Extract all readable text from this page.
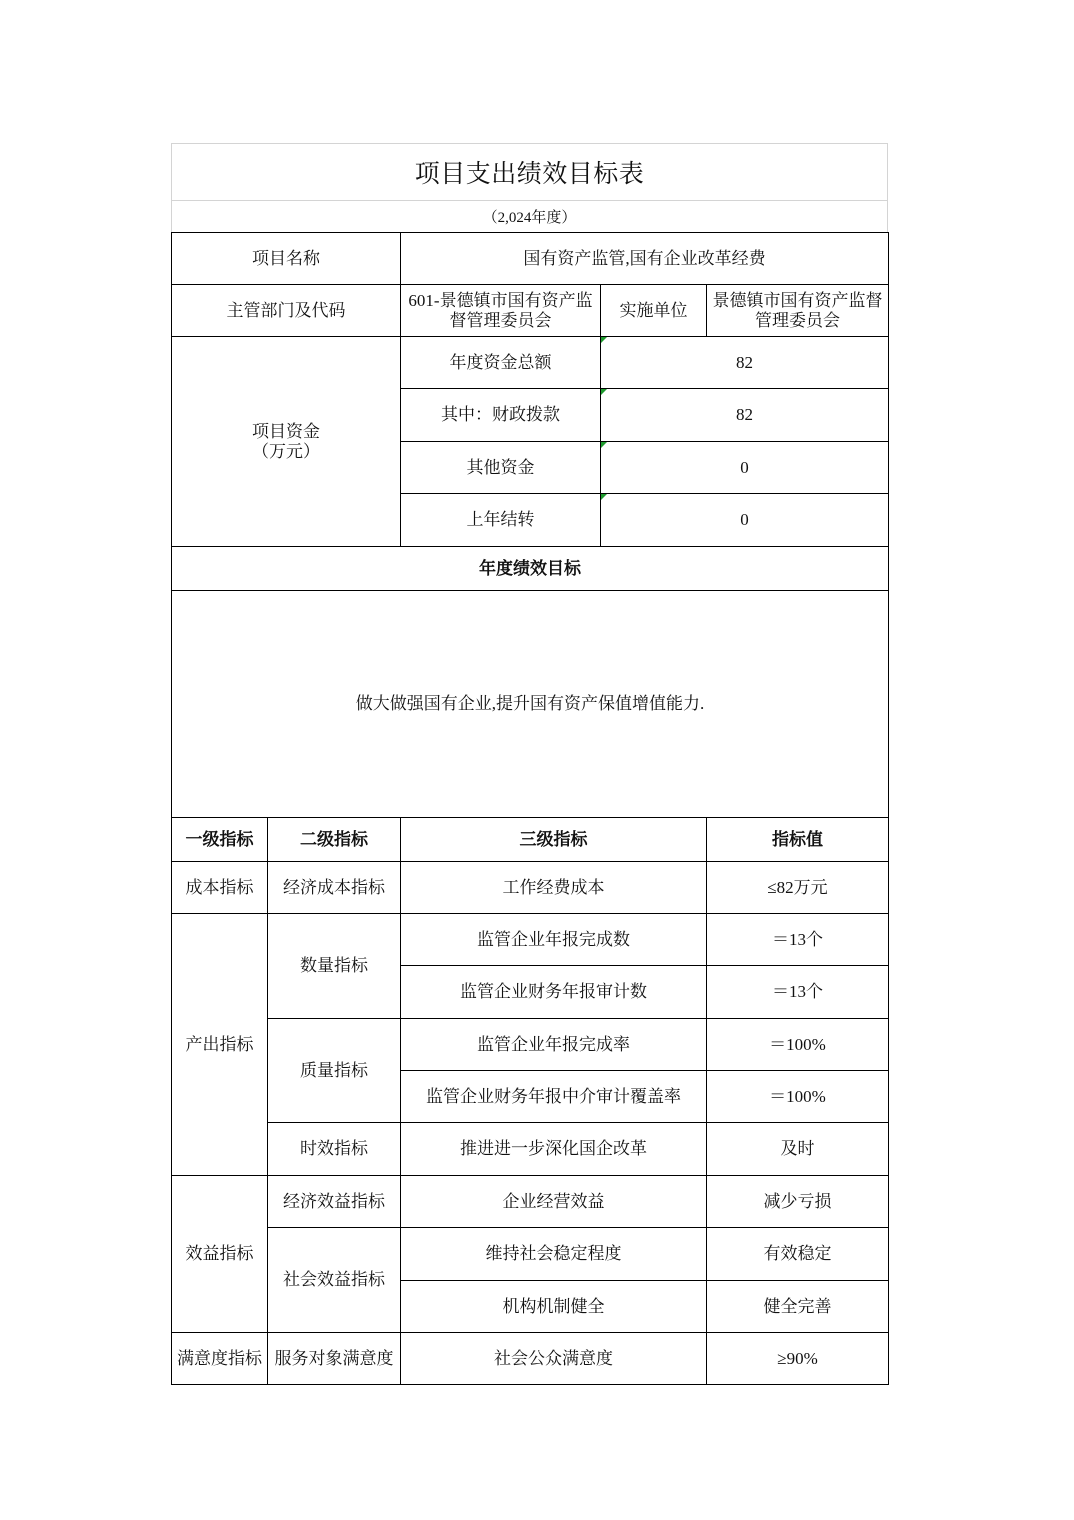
项目支出绩效目标表
（2,024年度）
项目名称		国有资产监管,国有企业改革经费		
主管部门及代码		601-景德镇市国有资产监督管理委员会	实施单位	景德镇市国有资产监督管理委员会

项目资金
（万元）		年度资金总额	82	
		其中：财政拨款	82	
		其他资金	0	
		上年结转	0	
年度绩效目标				
做大做强国有企业,提升国有资产保值增值能力.				
一级指标	二级指标	三级指标		指标值
成本指标	经济成本指标	工作经费成本		≤82万元
产出指标	数量指标	监管企业年报完成数		＝13个
		监管企业财务年报审计数		＝13个
	质量指标	监管企业年报完成率		＝100%
		监管企业财务年报中介审计覆盖率		＝100%
	时效指标	推进进一步深化国企改革		及时
效益指标	经济效益指标	企业经营效益		减少亏损
	社会效益指标	维持社会稳定程度		有效稳定
		机构机制健全		健全完善
满意度指标	服务对象满意度	社会公众满意度		≥90%
